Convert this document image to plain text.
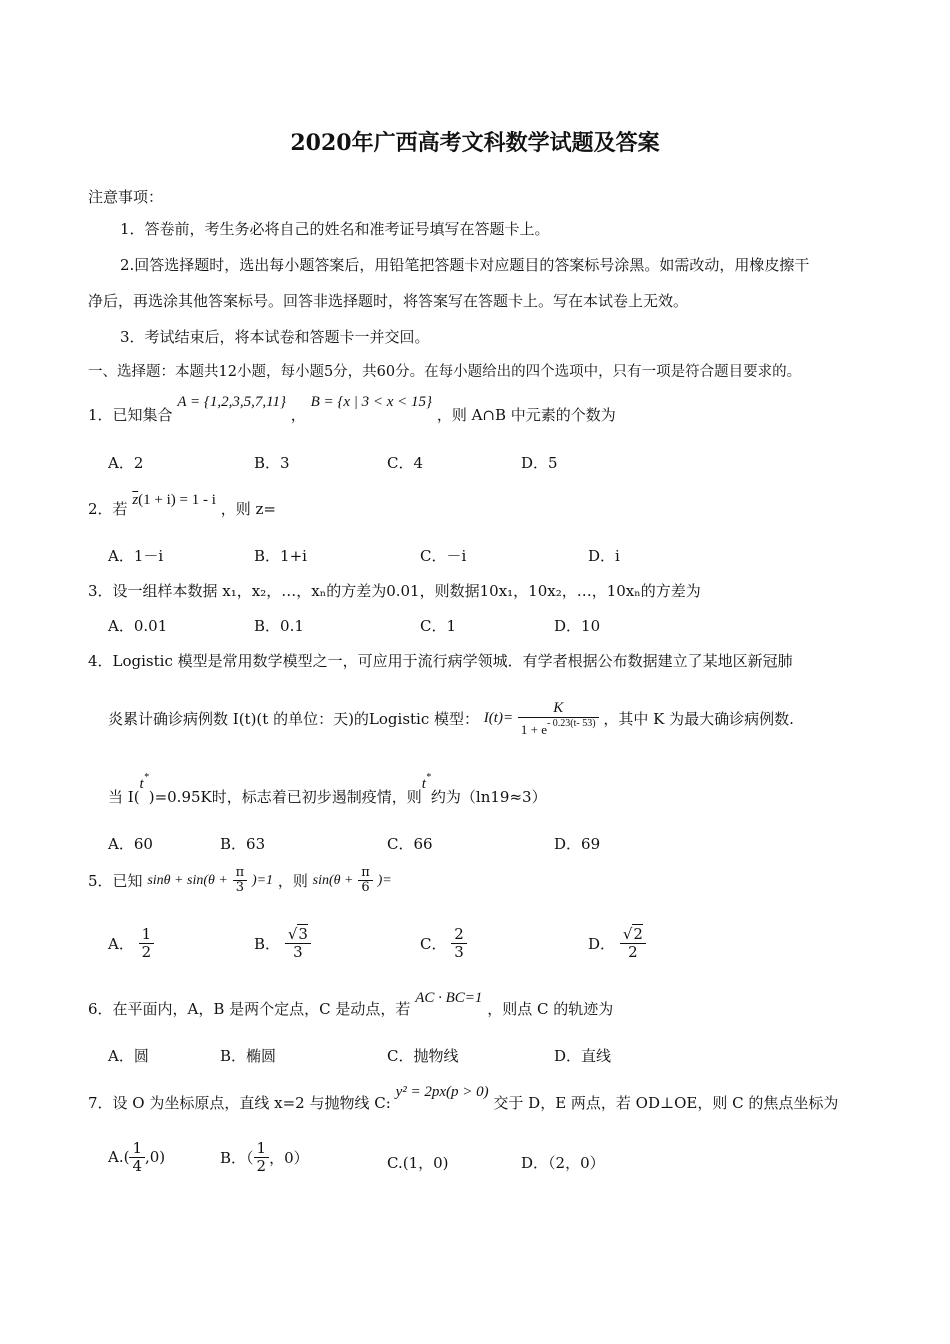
2020年广西高考文科数学试题及答案
注意事项：
1．答卷前，考生务必将自己的姓名和准考证号填写在答题卡上。
2.回答选择题时，选出每小题答案后，用铅笔把答题卡对应题目的答案标号涂黑。如需改动，用橡皮擦干
净后，再选涂其他答案标号。回答非选择题时，将答案写在答题卡上。写在本试卷上无效。
3．考试结束后，将本试卷和答题卡一并交回。
一、选择题：本题共12小题，每小题5分，共60分。在每小题给出的四个选项中，只有一项是符合题目要求的。
1．已知集合 A = {1,2,3,5,7,11} ， B = {x | 3 < x < 15} ，则 A∩B 中元素的个数为
A．2	B．3	C．4	D．5
2．若 $\overline{z}(1 + i) = 1 - i$ ，则 z=
A．1－i	B．1+i	C．－i	D．i
3．设一组样本数据 x₁，x₂，…，xₙ的方差为0.01，则数据10x₁，10x₂，…，10xₙ的方差为
A．0.01	B．0.1	C．1	D．10
4．Logistic 模型是常用数学模型之一，可应用于流行病学领城．有学者根据公布数据建立了某地区新冠肺
炎累计确诊病例数 I(t)(t 的单位：天)的Logistic 模型： $I(t)= \frac{K}{1 + e^{- 0.23(t- 53)}}$ ，其中 K 为最大确诊病例数.
当 I(t*)=0.95K时，标志着已初步遏制疫情，则t*约为（ln19≈3）
A．60	B．63	C．66	D．69
5．已知 $\sin\theta + \sin(\theta + \frac{\pi}{3} )=1$ ，则 $\sin(\theta + \frac{\pi}{6}$ )=
A． $\frac{1}{2}$	B． $\frac{√3}{3}$	C． $\frac{2}{3}$	D． $\frac{√2}{2}$
6．在平面内，A，B 是两个定点，C 是动点，若 AC · BC=1 ，则点 C 的轨迹为
A．圆	B．椭圆	C．抛物线	D．直线
7．设 O 为坐标原点，直线 x=2 与抛物线 C: y² = 2px(p > 0) 交于 D，E 两点，若 OD⊥OE，则 C 的焦点坐标为
$A.( \frac{1}{4} ,0)$	B．（ $\frac{1}{2}$ ，0）	C.(1，0)	D．（2，0）
